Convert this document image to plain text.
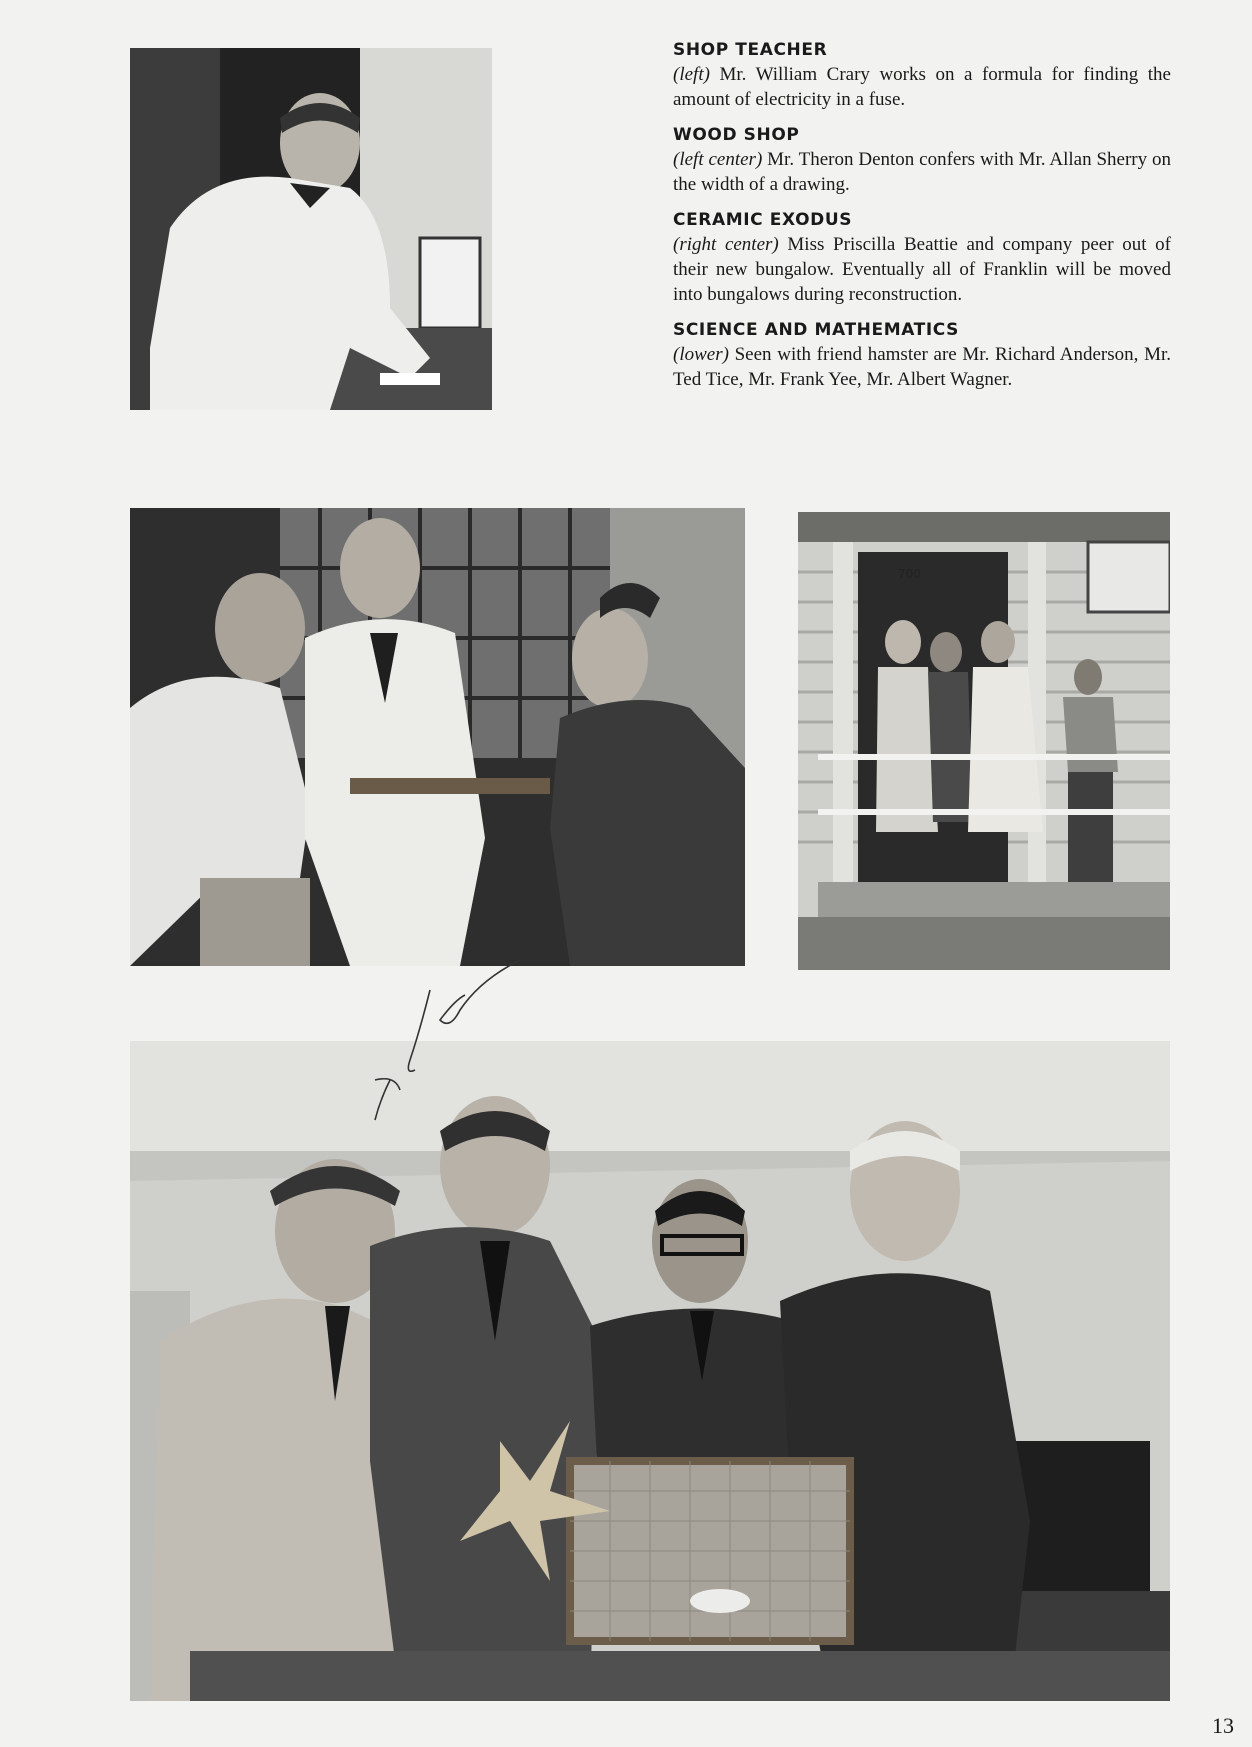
SHOP TEACHER

(left) Mr. William Crary works on a formula for finding the amount of electricity in a fuse.

WOOD SHOP

(left center) Mr. Theron Denton confers with Mr. Allan Sherry on the width of a drawing.

CERAMIC EXODUS

(right center) Miss Priscilla Beattie and company peer out of their new bungalow. Eventually all of Franklin will be moved into bungalows during reconstruction.

SCIENCE AND MATHEMATICS

(lower) Seen with friend hamster are Mr. Richard Anderson, Mr. Ted Tice, Mr. Frank Yee, Mr. Albert Wagner.

700
13
